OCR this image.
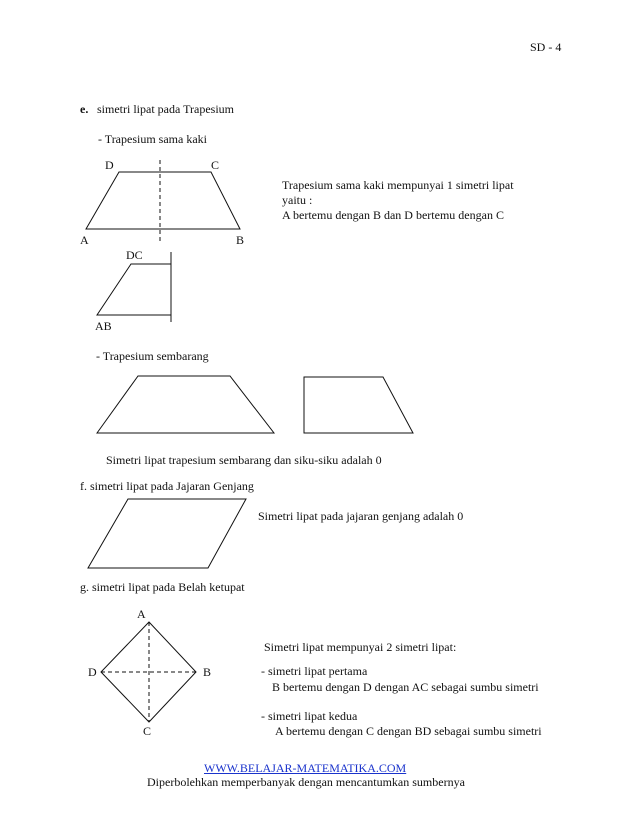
SD - 4
e. simetri lipat pada Trapesium
- Trapesium sama kaki
D	C
A	B
DC
AB
Trapesium sama kaki mempunyai 1 simetri lipat
yaitu :
A bertemu dengan B dan D bertemu dengan C
- Trapesium sembarang
Simetri lipat trapesium sembarang dan siku-siku adalah 0
f. simetri lipat pada Jajaran Genjang
Simetri lipat pada jajaran genjang adalah 0
g. simetri lipat pada Belah ketupat
A
B
C
D
Simetri lipat mempunyai 2 simetri lipat:
- simetri lipat pertama
B bertemu dengan D dengan AC sebagai sumbu simetri
- simetri lipat kedua
A bertemu dengan C dengan BD sebagai sumbu simetri
WWW.BELAJAR-MATEMATIKA.COM
Diperbolehkan memperbanyak dengan mencantumkan sumbernya
